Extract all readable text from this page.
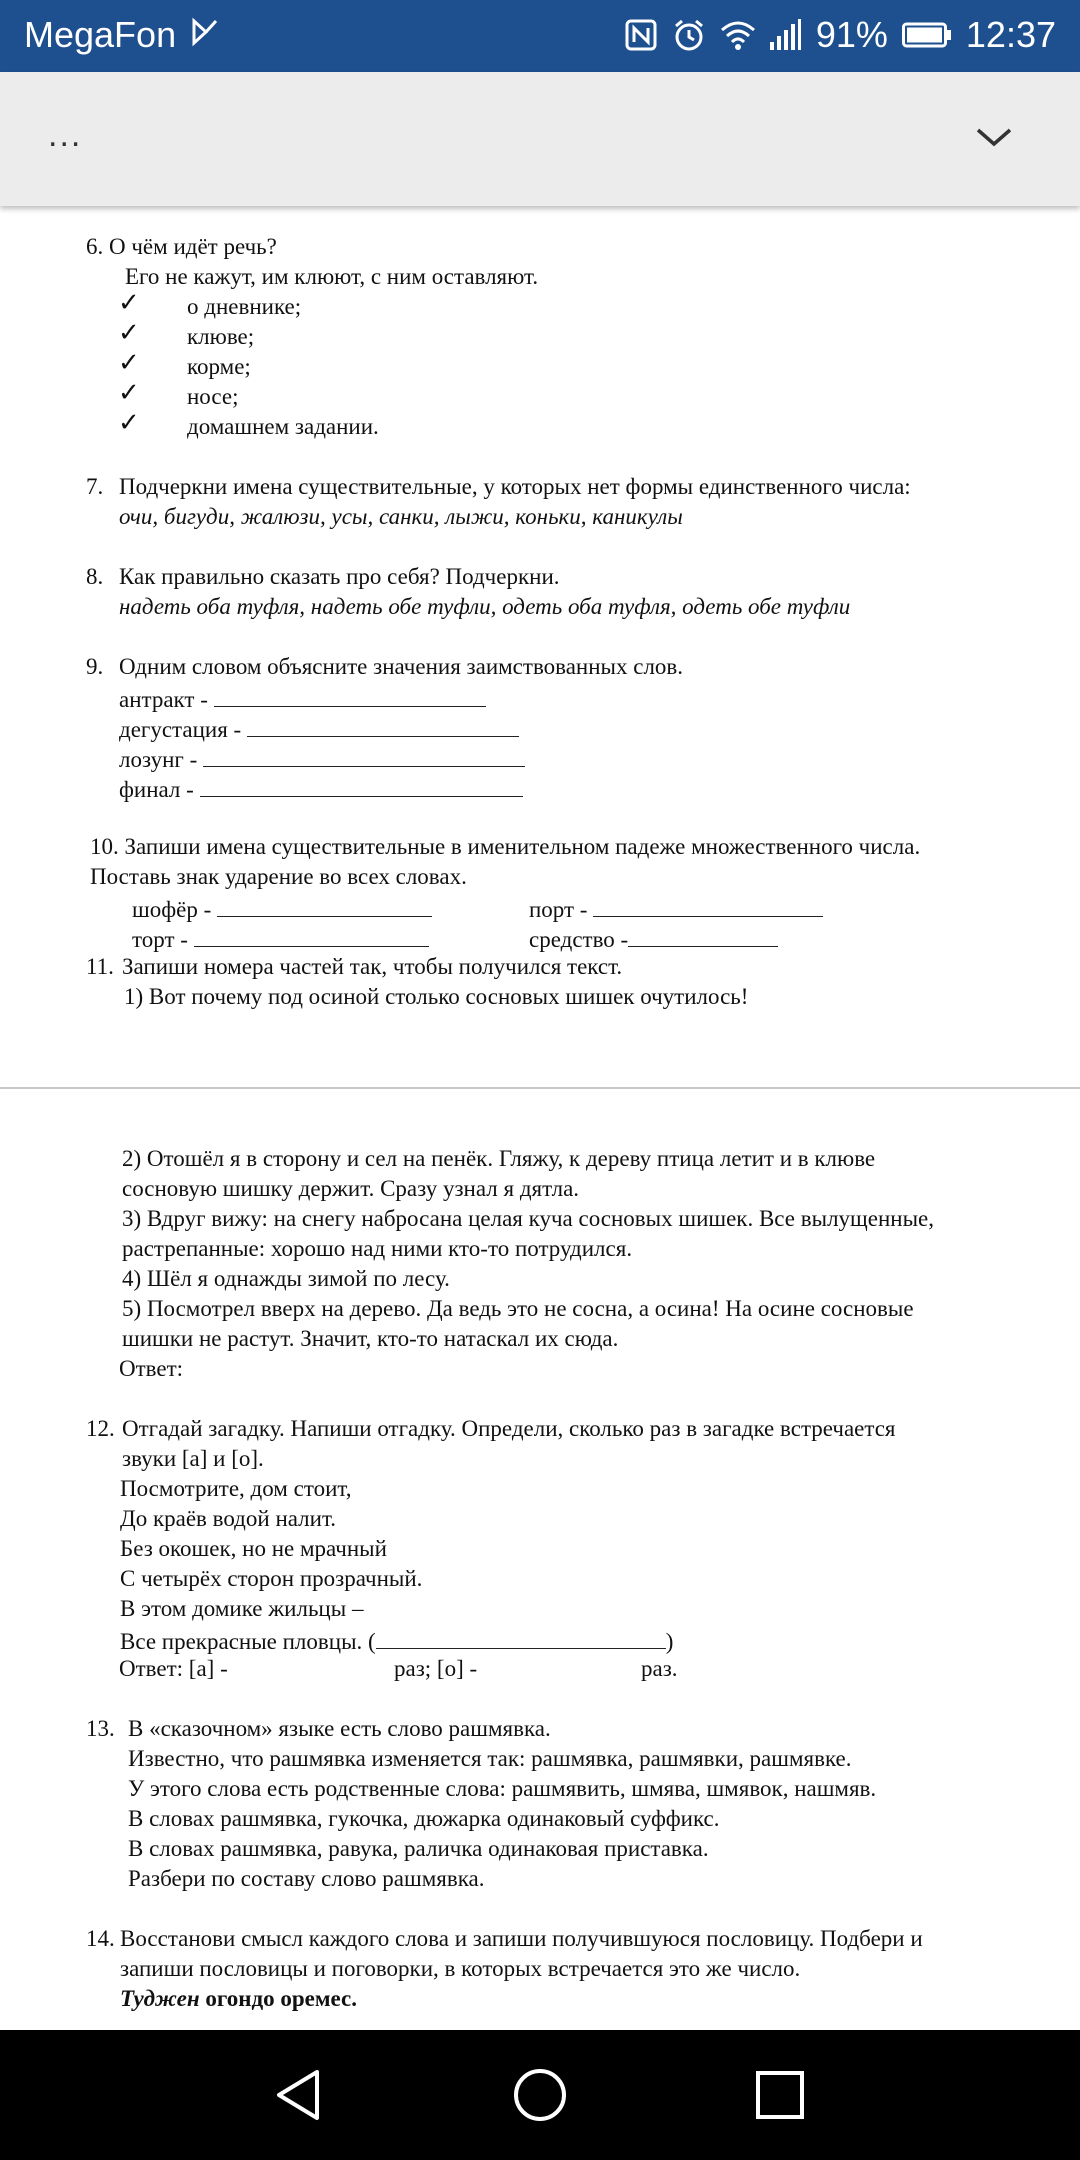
MegaFon	91% 12:37
...
6. О чём идёт речь?
Его не кажут, им клюют, с ним оставляют.
✓ о дневнике;
✓ клюве;
✓ корме;
✓ носе;
✓ домашнем задании.
7. Подчеркни имена существительные, у которых нет формы единственного числа:
очи, бигуди, жалюзи, усы, санки, лыжи, коньки, каникулы
8. Как правильно сказать про себя? Подчеркни.
надеть оба туфля, надеть обе туфли, одеть оба туфля, одеть обе туфли
9. Одним словом объясните значения заимствованных слов.
антракт -
дегустация -
лозунг -
финал -
10. Запиши имена существительные в именительном падеже множественного числа.
Поставь знак ударение во всех словах.
шофёр -	порт -
торт -	средство -
11. Запиши номера частей так, чтобы получился текст.
1) Вот почему под осиной столько сосновых шишек очутилось!
2) Отошёл я в сторону и сел на пенёк. Гляжу, к дереву птица летит и в клюве
сосновую шишку держит. Сразу узнал я дятла.
3) Вдруг вижу: на снегу набросана целая куча сосновых шишек. Все вылущенные,
растрепанные: хорошо над ними кто-то потрудился.
4) Шёл я однажды зимой по лесу.
5) Посмотрел вверх на дерево. Да ведь это не сосна, а осина! На осине сосновые
шишки не растут. Значит, кто-то натаскал их сюда.
Ответ:
12. Отгадай загадку. Напиши отгадку. Определи, сколько раз в загадке встречается
звуки [а] и [о].
Посмотрите, дом стоит,
До краёв водой налит.
Без окошек, но не мрачный
С четырёх сторон прозрачный.
В этом домике жильцы –
Все прекрасные пловцы. (	)
Ответ: [а] -	раз; [о] -	раз.
13. В «сказочном» языке есть слово рашмявка.
Известно, что рашмявка изменяется так: рашмявка, рашмявки, рашмявке.
У этого слова есть родственные слова: рашмявить, шмява, шмявок, нашмяв.
В словах рашмявка, гукочка, дюжарка одинаковый суффикс.
В словах рашмявка, равука, раличка одинаковая приставка.
Разбери по составу слово рашмявка.
14. Восстанови смысл каждого слова и запиши получившуюся пословицу. Подбери и
запиши пословицы и поговорки, в которых встречается это же число.
Туджен огондо оремес.
